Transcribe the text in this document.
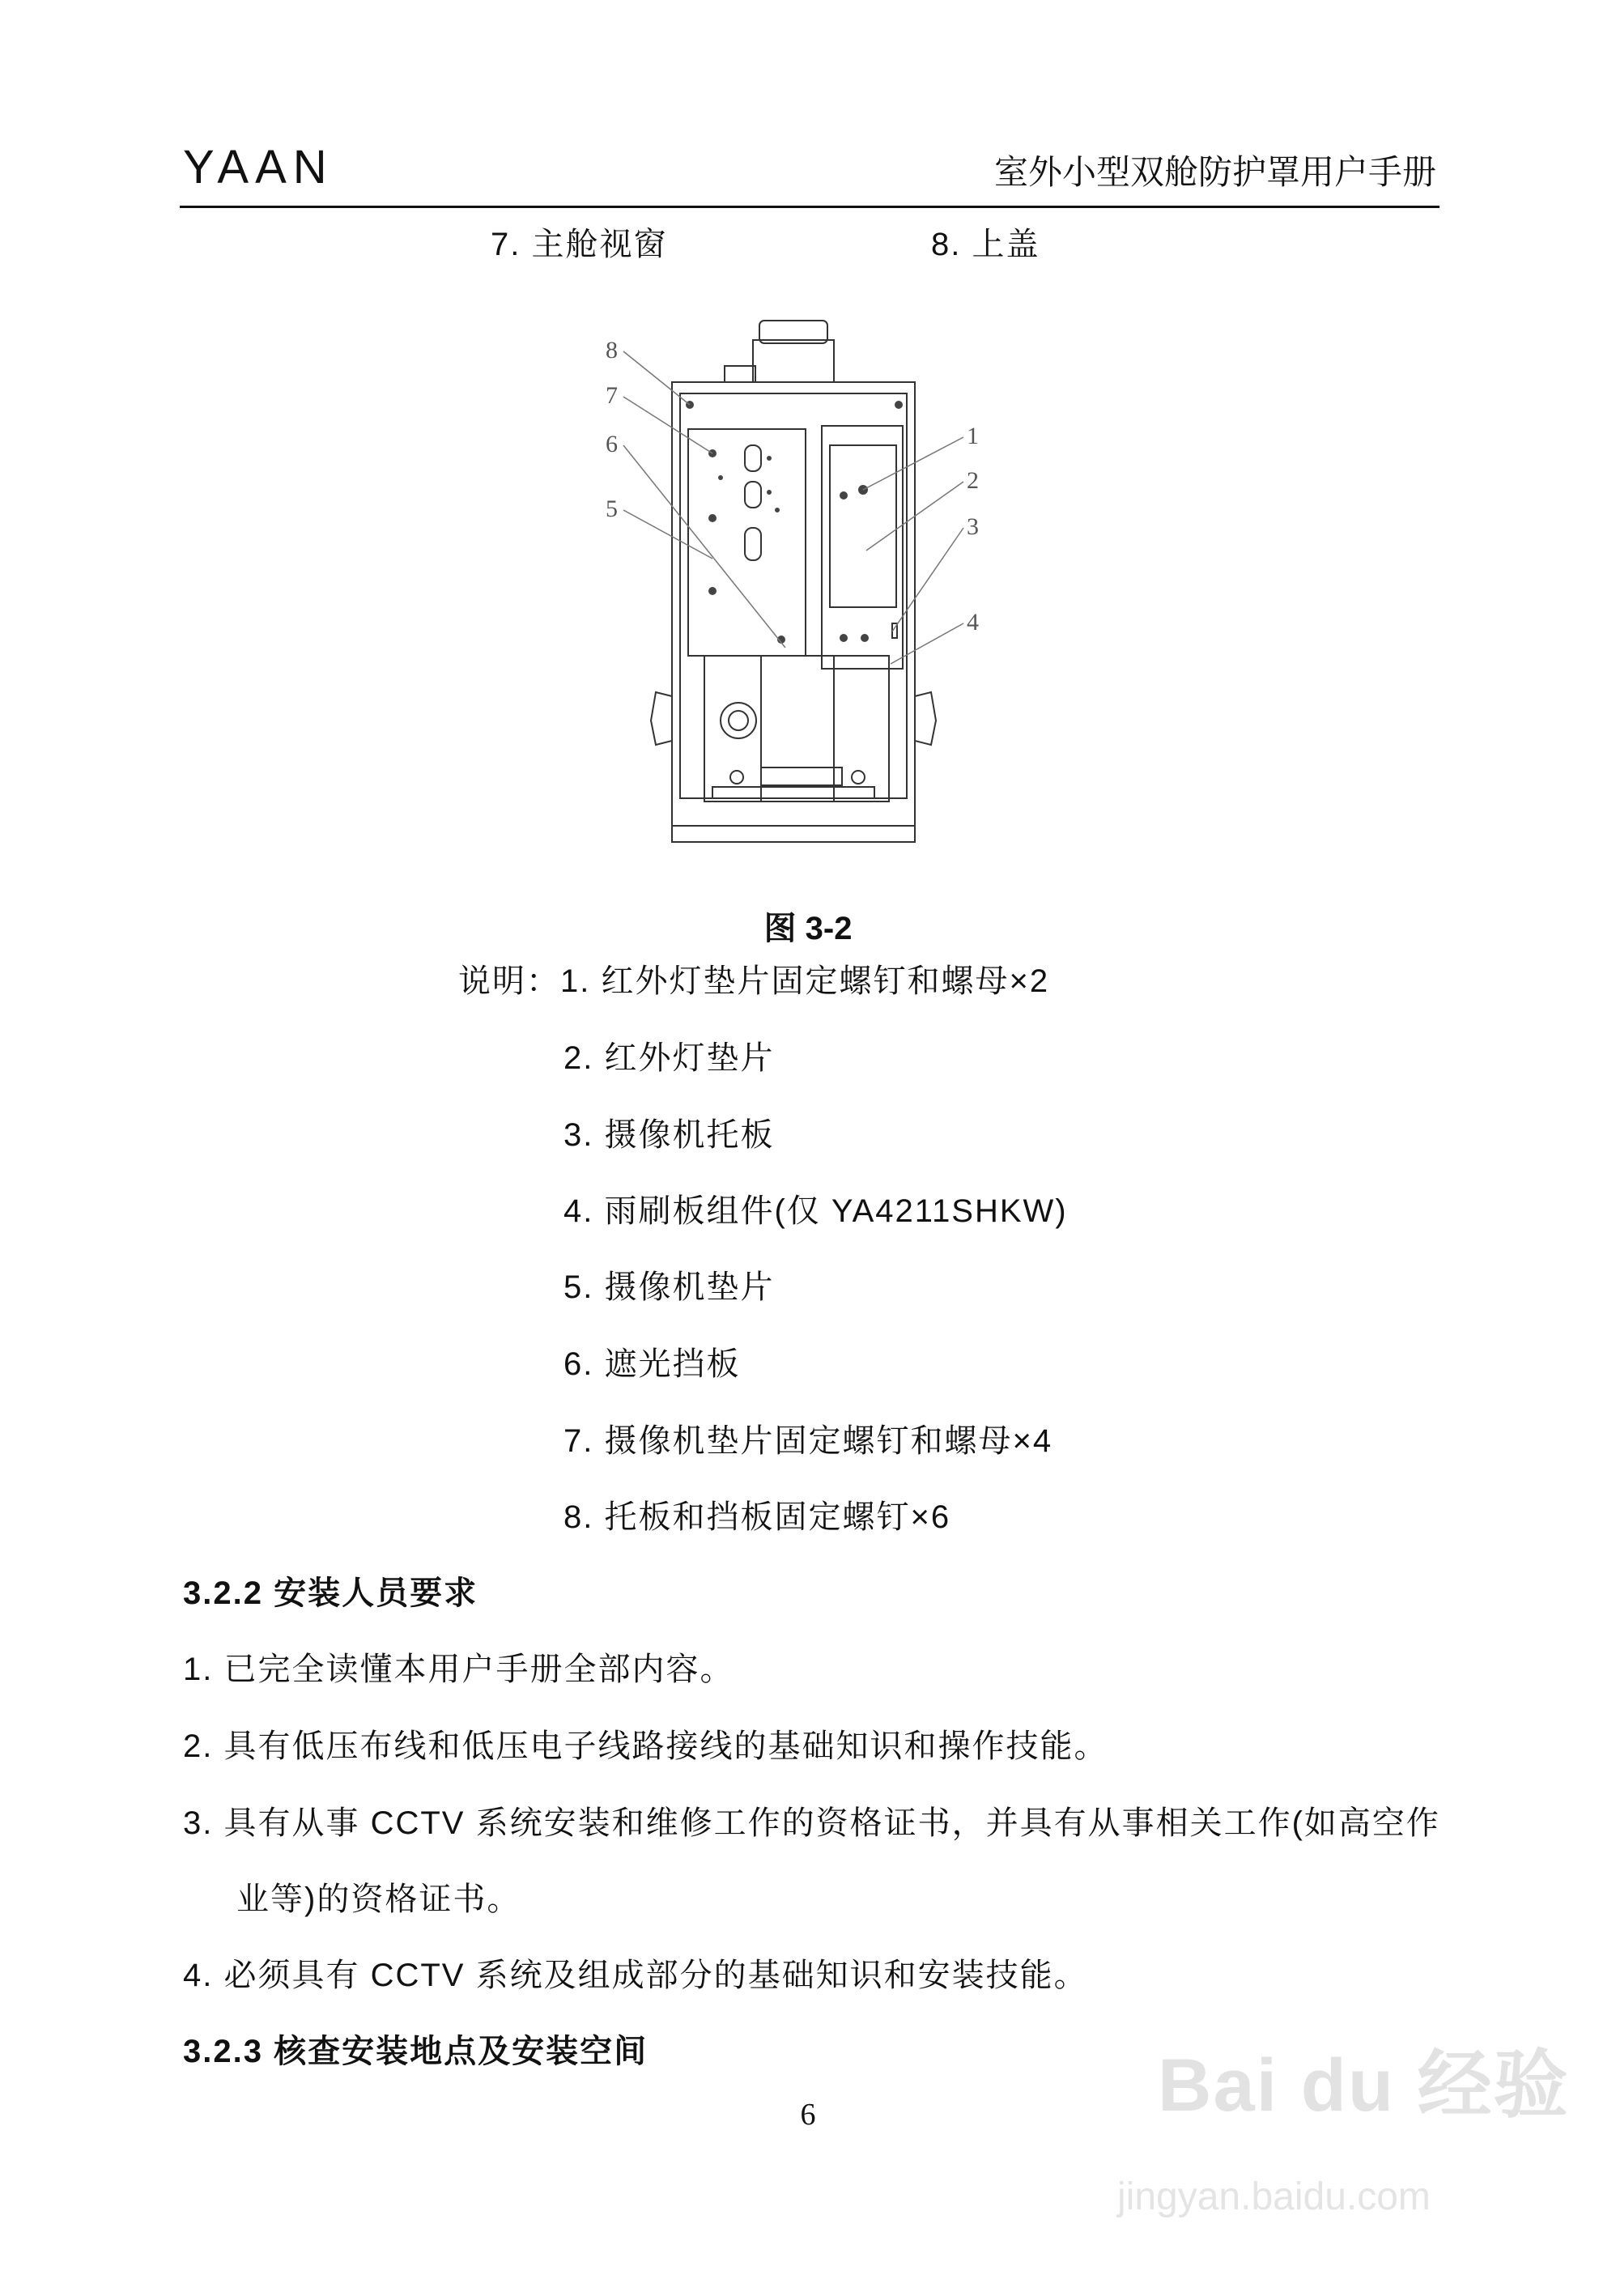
YAAN	室外小型双舱防护罩用户手册
7. 主舱视窗	8. 上盖
8
7
6
5
1
2
3
4
图 3-2
说明：1. 红外灯垫片固定螺钉和螺母×2
2. 红外灯垫片
3. 摄像机托板
4. 雨刷板组件(仅 YA4211SHKW)
5. 摄像机垫片
6. 遮光挡板
7. 摄像机垫片固定螺钉和螺母×4
8. 托板和挡板固定螺钉×6
3.2.2 安装人员要求
1. 已完全读懂本用户手册全部内容。
2. 具有低压布线和低压电子线路接线的基础知识和操作技能。
3. 具有从事 CCTV 系统安装和维修工作的资格证书，并具有从事相关工作(如高空作
业等)的资格证书。
4. 必须具有 CCTV 系统及组成部分的基础知识和安装技能。
3.2.3 核查安装地点及安装空间
6	Bai du 经验
jingyan.baidu.com
